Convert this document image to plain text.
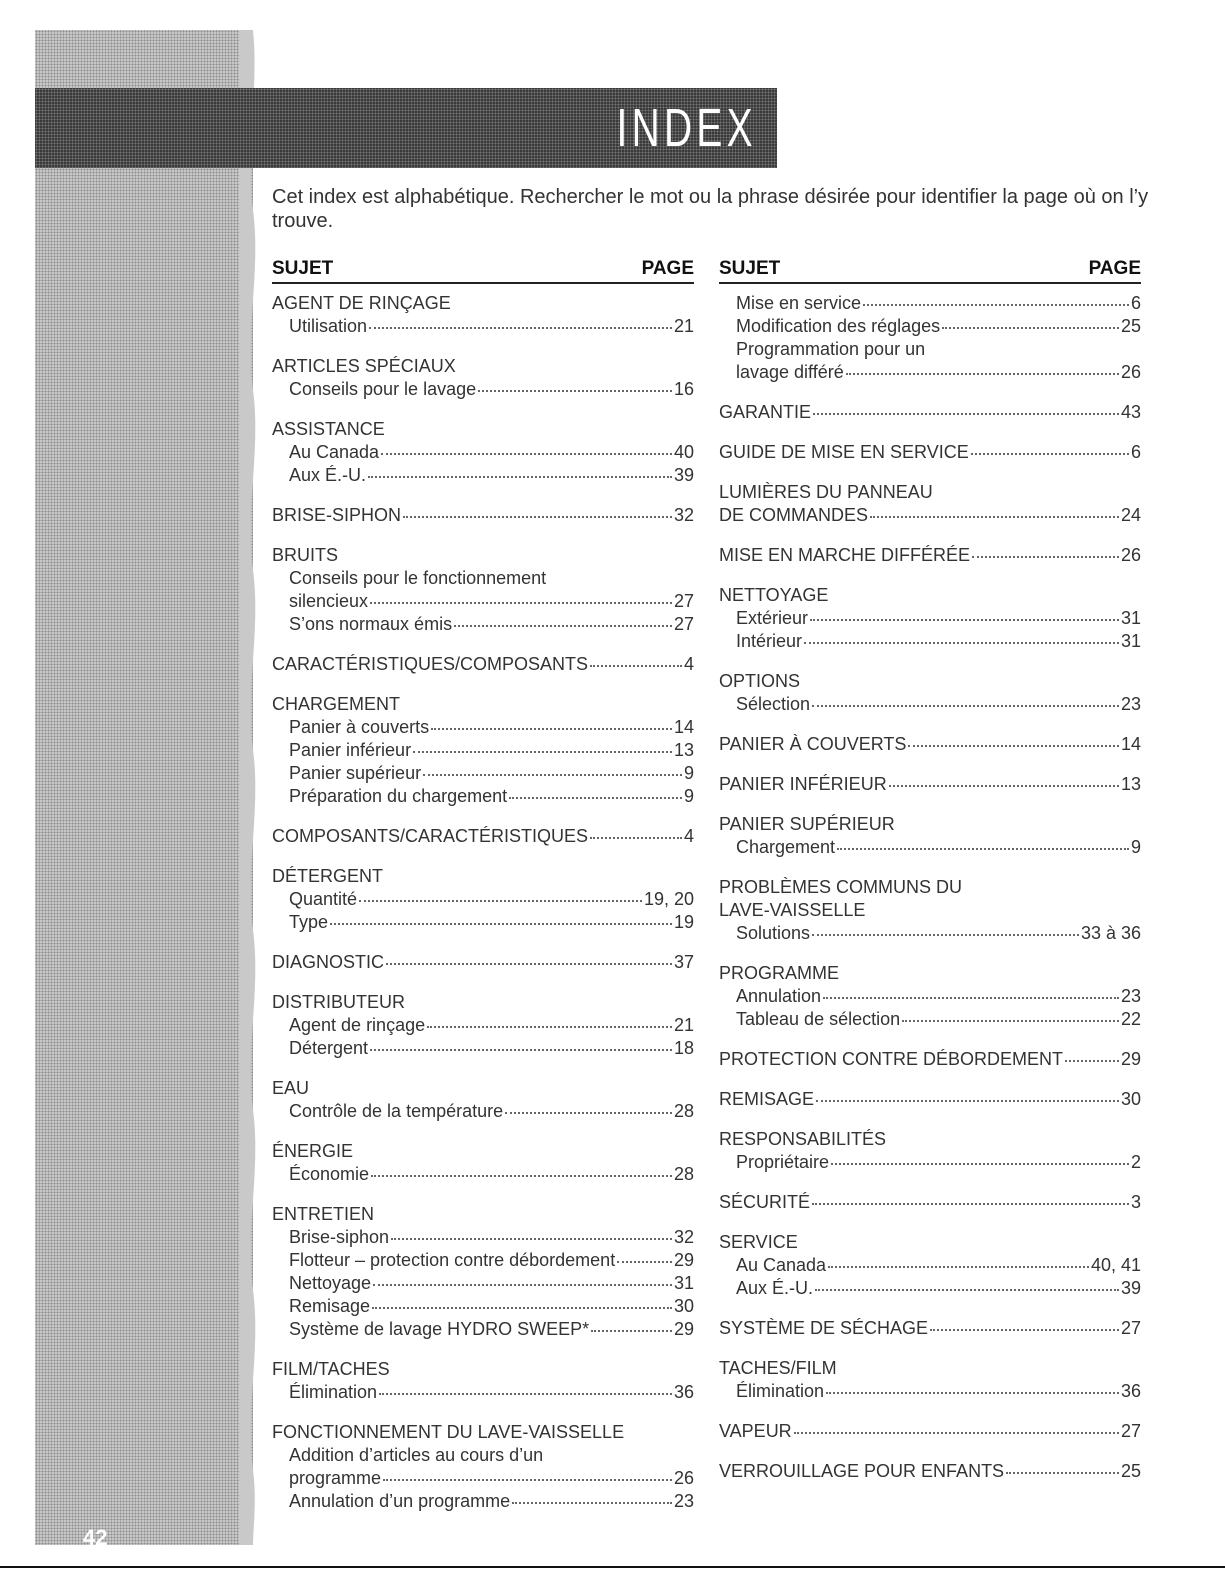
42
INDEX
Cet index est alphabétique. Rechercher le mot ou la phrase désirée pour identifier la page où on l’y trouve.
SUJET	PAGE
AGENT DE RINÇAGE
Utilisation	21
ARTICLES SPÉCIAUX
Conseils pour le lavage	16
ASSISTANCE
Au Canada	40
Aux É.-U.	39
BRISE-SIPHON	32
BRUITS
Conseils pour le fonctionnement
silencieux	27
S’ons normaux émis	27
CARACTÉRISTIQUES/COMPOSANTS	4
CHARGEMENT
Panier à couverts	14
Panier inférieur	13
Panier supérieur	9
Préparation du chargement	9
COMPOSANTS/CARACTÉRISTIQUES	4
DÉTERGENT
Quantité	19, 20
Type	19
DIAGNOSTIC	37
DISTRIBUTEUR
Agent de rinçage	21
Détergent	18
EAU
Contrôle de la température	28
ÉNERGIE
Économie	28
ENTRETIEN
Brise-siphon	32
Flotteur – protection contre débordement	29
Nettoyage	31
Remisage	30
Système de lavage HYDRO SWEEP*	29
FILM/TACHES
Élimination	36
FONCTIONNEMENT DU LAVE-VAISSELLE
Addition d’articles au cours d’un
programme	26
Annulation d’un programme	23
SUJET	PAGE
Mise en service	6
Modification des réglages	25
Programmation pour un
lavage différé	26
GARANTIE	43
GUIDE DE MISE EN SERVICE	6
LUMIÈRES DU PANNEAU
DE COMMANDES	24
MISE EN MARCHE DIFFÉRÉE	26
NETTOYAGE
Extérieur	31
Intérieur	31
OPTIONS
Sélection	23
PANIER À COUVERTS	14
PANIER INFÉRIEUR	13
PANIER SUPÉRIEUR
Chargement	9
PROBLÈMES COMMUNS DU
LAVE-VAISSELLE
Solutions	33 à 36
PROGRAMME
Annulation	23
Tableau de sélection	22
PROTECTION CONTRE DÉBORDEMENT	29
REMISAGE	30
RESPONSABILITÉS
Propriétaire	2
SÉCURITÉ	3
SERVICE
Au Canada	40, 41
Aux É.-U.	39
SYSTÈME DE SÉCHAGE	27
TACHES/FILM
Élimination	36
VAPEUR	27
VERROUILLAGE POUR ENFANTS	25
